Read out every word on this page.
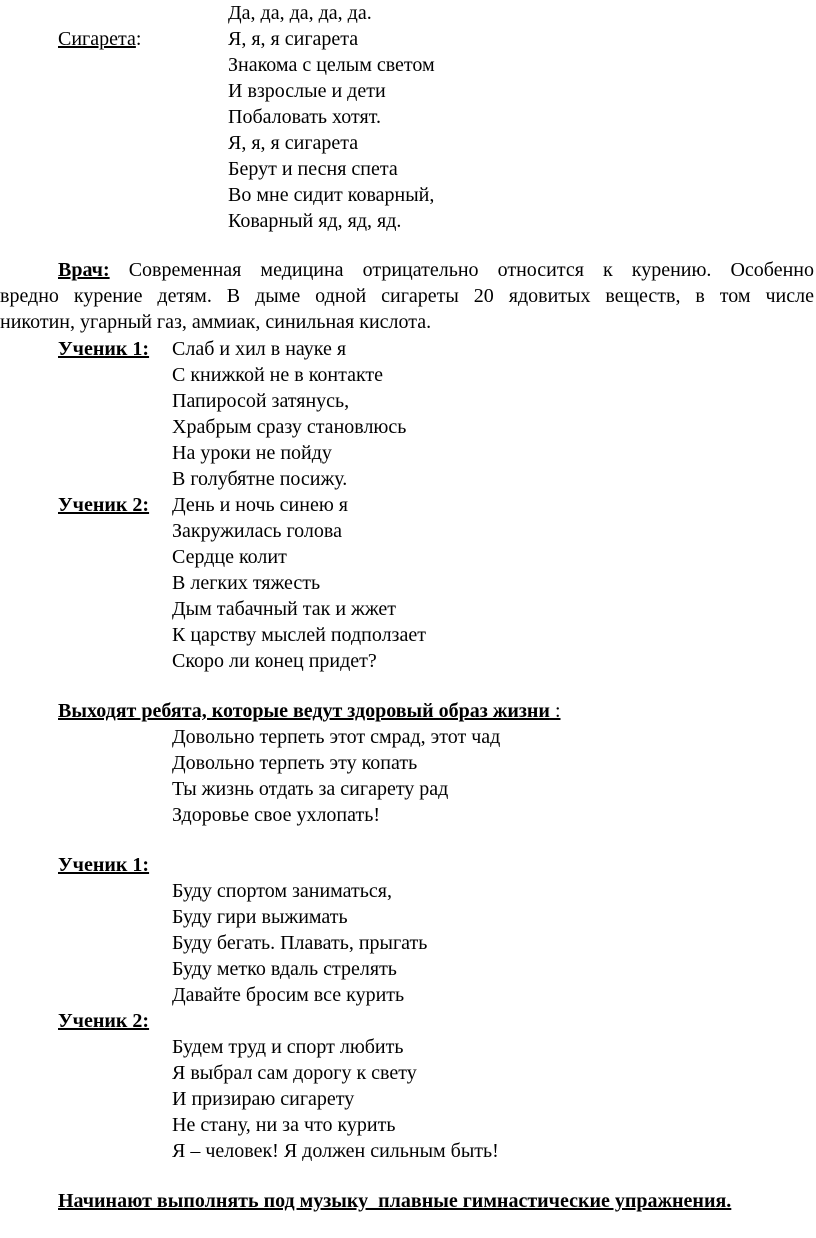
Да, да, да, да, да.
Сигарета:	Я, я, я сигарета
Знакома с целым светом
И взрослые и дети
Побаловать хотят.
Я, я, я сигарета
Берут и песня спета
Во мне сидит коварный,
Коварный яд, яд, яд.
Врач: Современная медицина отрицательно относится к курению. Особенно
вредно курение детям. В дыме одной сигареты 20 ядовитых веществ, в том числе
никотин, угарный газ, аммиак, синильная кислота.
Ученик 1: Слаб и хил в науке я
С книжкой не в контакте
Папиросой затянусь,
Храбрым сразу становлюсь
На уроки не пойду
В голубятне посижу.
Ученик 2: День и ночь синею я
Закружилась голова
Сердце колит
В легких тяжесть
Дым табачный так и жжет
К царству мыслей подползает
Скоро ли конец придет?
Выходят ребята, которые ведут здоровый образ жизни :
Довольно терпеть этот смрад, этот чад
Довольно терпеть эту копать
Ты жизнь отдать за сигарету рад
Здоровье свое ухлопать!
Ученик 1:
Буду спортом заниматься,
Буду гири выжимать
Буду бегать. Плавать, прыгать
Буду метко вдаль стрелять
Давайте бросим все курить
Ученик 2:
Будем труд и спорт любить
Я выбрал сам дорогу к свету
И призираю сигарету
Не стану, ни за что курить
Я – человек! Я должен сильным быть!
Начинают выполнять под музыку  плавные гимнастические упражнения.
